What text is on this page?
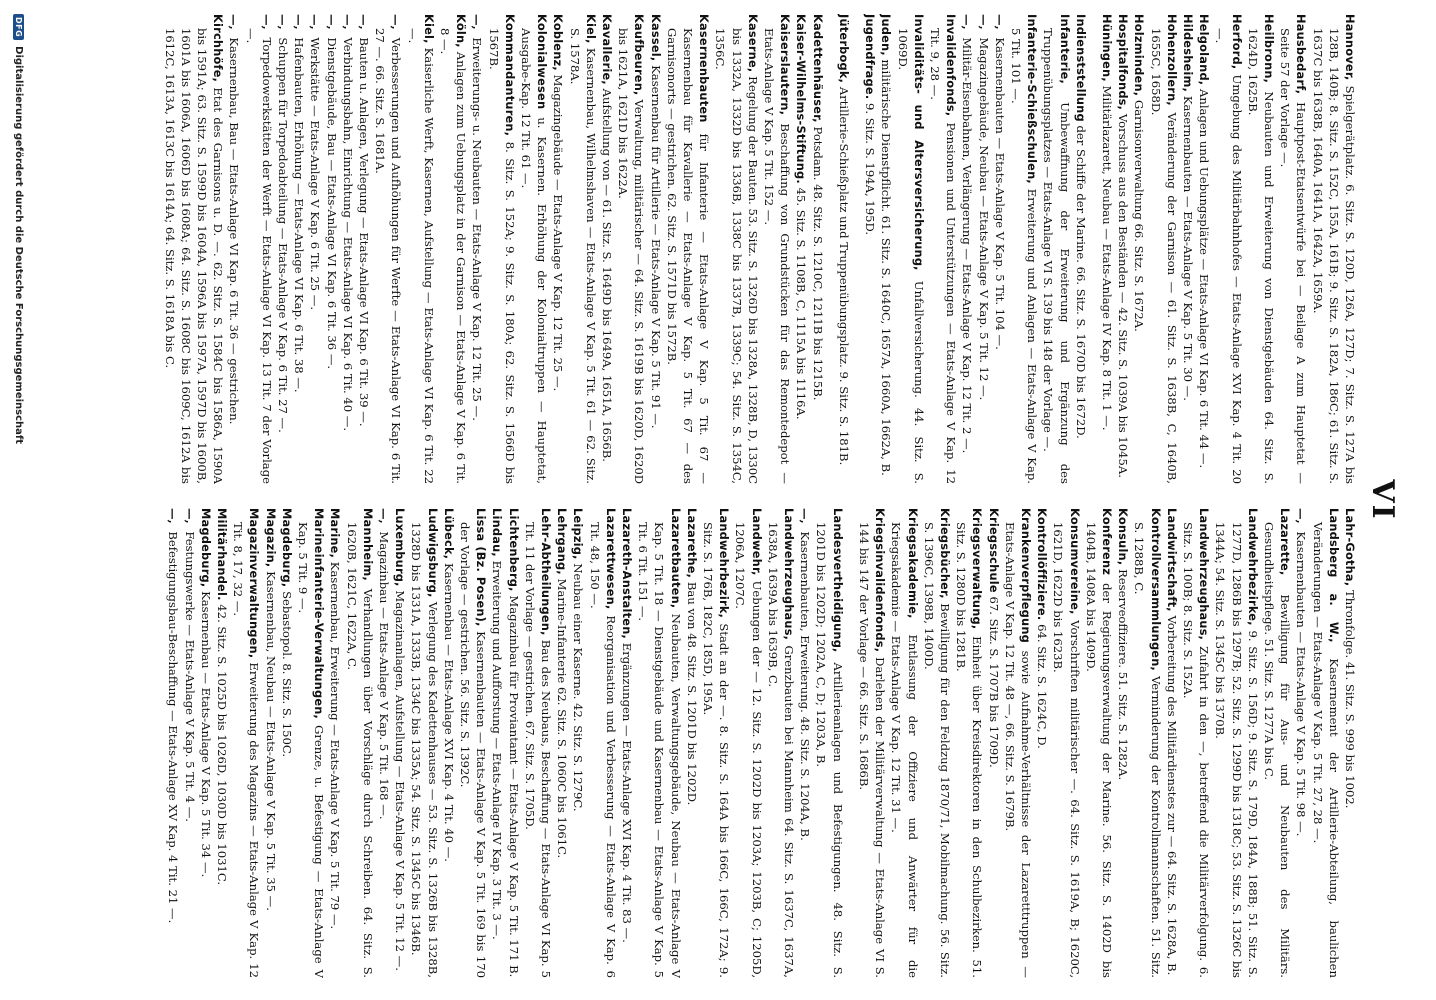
VI
Hannover, Spielgerätplatz. 6. Sitz. S. 120D, 126A, 127D; 7. Sitz. S. 127A bis 128B, 140B; 8. Sitz. S. 152C, 155A, 161B; 9. Sitz. S. 182A, 186C; 61. Sitz. S. 1637C bis 1638B, 1640A, 1641A, 1642A, 1659A.
Hausbedarf, Hauptpost-Etatsentwürfe bei — Beilage A zum Hauptetat — Seite 57 der Vorlage —.
Heilbronn, Neubauten und Erweiterung von Dienstgebäuden 64. Sitz. S. 1624D, 1625B.
Herford, Umgebung des Militärbahnhofes — Etats-Anlage XVI Kap. 4 Tit. 20 —.
Helgoland, Anlagen und Uebungsplätze — Etats-Anlage VI Kap. 6 Tit. 44 —.
Hildesheim, Kasernenbauten — Etats-Anlage V Kap. 5 Tit. 30 —.
Hohenzollern, Veränderung der Garnison — 61. Sitz. S. 1638B, C, 1640B, 1655C, 1658D.
Holzminden, Garnisonverwaltung 66. Sitz. S. 1672A.
Hospitalfonds, Vorschuss aus den Beständen — 42. Sitz. S. 1039A bis 1045A.
Hüningen, Militärlazarett, Neubau — Etats-Anlage IV Kap. 8 Tit. 1 —.
Indienststellung der Schiffe der Marine. 66. Sitz. S. 1670D bis 1672D.
Infanterie, Umbewaffnung der Erweiterung und Ergänzung des Truppenübungsplatzes — Etats-Anlage VI S. 139 bis 148 der Vorlage —.
Infanterie-Schießschulen, Erweiterung und Anlagen — Etats-Anlage V Kap. 5 Tit. 101 —.
—, Kasernenbauten — Etats-Anlage V Kap. 5 Tit. 104 —.
—, Magazingebäude, Neubau — Etats-Anlage V Kap. 5 Tit. 12 —.
—, Militär-Eisenbahnen, Verlängerung — Etats-Anlage V Kap. 12 Tit. 2 —.
Invalidenfonds, Pensionen und Unterstützungen — Etats-Anlage V Kap. 12 Tit. 9, 28 —.
Invaliditäts- und Altersversicherung, Unfallversicherung. 44. Sitz. S. 1069D.
Juden, militärische Dienstpflicht. 61. Sitz. S. 1640C, 1657A, 1660A, 1662A, B.
Jugendfrage. 9. Sitz. S. 194A, 195D.
Jüterbogk, Artillerie-Schießplatz und Truppenübungsplatz. 9. Sitz. S. 181B.
Kadettenhäuser, Potsdam. 48. Sitz. S. 1210C, 1211B bis 1215B.
Kaiser-Wilhelms-Stiftung. 45. Sitz. S. 1108B, C, 1115A bis 1116A.
Kaiserslautern, Beschaffung von Grundstücken für das Remontedepot — Etats-Anlage V Kap. 5 Tit. 152 —.
Kaserne, Regelung der Bauten. 53. Sitz. S. 1326D bis 1328A, 1328B, D, 1330C bis 1332A, 1332D bis 1336B, 1338C bis 1337B, 1339C; 54. Sitz. S. 1354C, 1356C.
Kasernenbauten für Infanterie — Etats-Anlage V Kap. 5 Tit. 67 — Kasernenbau für Kavallerie — Etats-Anlage V Kap. 5 Tit. 67 — des Garnisonorts — gestrichen. 62. Sitz. S. 1571D bis 1572B.
Kassel, Kasernenbau für Artillerie — Etats-Anlage V Kap. 5 Tit. 91 —.
Kaufbeuren, Verwaltung, militärischer — 64. Sitz. S. 1619B bis 1620D, 1620D bis 1621A, 1621D bis 1622A.
Kavallerie, Aufstellung von — 61. Sitz. S. 1649D bis 1649A, 1651A, 1656B.
Kiel, Kasernenbau, Wilhelmshaven — Etats-Anlage V Kap. 5 Tit. 61 — 62. Sitz. S. 1578A.
Koblenz, Magazingebäude — Etats-Anlage V Kap. 12 Tit. 25 —.
Kolonialwesen u. Kasernen. Erhöhung der Kolonialtruppen — Hauptetat, Ausgabe-Kap. 12 Tit. 61 —.
Kommandanturen, 8. Sitz. S. 152A; 9. Sitz. S. 180A; 62. Sitz. S. 1566D bis 1567B.
—, Erweiterungs- u. Neubauten — Etats-Anlage V Kap. 12 Tit. 25 —.
Köln, Anlagen zum Uebungsplatz in der Garnison — Etats-Anlage V Kap. 6 Tit. 8 —.
Kiel, Kaiserliche Werft, Kasernen, Aufstellung — Etats-Anlage VI Kap. 6 Tit. 22 —.
—, Verbesserungen und Aufhöhungen für Werfte — Etats-Anlage VI Kap. 6 Tit. 27 —. 66. Sitz. S. 1681A.
—, Bauten u. Anlagen, Verlegung — Etats-Anlage VI Kap. 6 Tit. 39 —.
—, Verbindungsbahn, Einrichtung — Etats-Anlage VI Kap. 6 Tit. 40 —.
—, Dienstgebäude, Bau — Etats-Anlage VI Kap. 6 Tit. 36 —.
—, Werkstätte — Etats-Anlage V Kap. 6 Tit. 25 —.
—, Hafenbauten, Erhöhung — Etats-Anlage VI Kap. 6 Tit. 38 —.
—, Schuppen für Torpedoabteilung — Etats-Anlage V Kap. 6 Tit. 27 —.
—, Torpedowerkstätten der Werft — Etats-Anlage VI Kap. 13 Tit. 7 der Vorlage —.
—, Kasernenbau, Bau — Etats-Anlage VI Kap. 6 Tit. 36 — gestrichen.
Kirchhöfe, Etat des Garnisons u. D. —. 62. Sitz. S. 1584C bis 1586A, 1590A bis 1591A; 63. Sitz. S. 1599D bis 1604A, 1596A bis 1597A, 1597D bis 1600B, 1601A bis 1606A, 1606D bis 1608A; 64. Sitz. S. 1608C bis 1609C, 1612A bis 1612C, 1613A, 1613C bis 1614A; 64. Sitz. S. 1618A bis C.
Lahr-Gotha, Thronfolge. 41. Sitz. S. 999 bis 1002.
Landsberg a. W., Kasernement der Artillerie-Abteilung, baulichen Veränderungen — Etats-Anlage V Kap. 5 Tit. 27, 28 —.
—, Kasernenbauten — Etats-Anlage V Kap. 5 Tit. 98 —.
Lazarette, Bewilligung für Aus- und Neubauten des Militärs. Gesundheitspflege. 51. Sitz. S. 1277A bis C.
Landwehrbezirke, 9. Sitz. S. 156D; 9. Sitz. S. 179D, 184A, 188B; 51. Sitz. S. 1277D, 1286B bis 1297B; 52. Sitz. S. 1299D bis 1318C; 53. Sitz. S. 1326C bis 1344A; 54. Sitz. S. 1345C bis 1370B.
Landwehrzeughaus, Zufahrt in den —, betreffend die Militärverfolgung. 6. Sitz. S. 100B; 8. Sitz. S. 152A.
Landwirtschaft, Vorbereitung des Militärdienstes zur — 64. Sitz. S. 1628A, B.
Kontrollversammlungen, Verminderung der Kontrollmannschaften. 51. Sitz. S. 1288B, C.
Konsuln, Reserveoffiziere. 51. Sitz. S. 1282A.
Konferenz der Regierungsverwaltung der Marine. 56. Sitz. S. 1402D bis 1404B, 1408A bis 1409D.
Konsumvereine, Vorschriften militärischer —. 64. Sitz. S. 1619A, B; 1620C, 1621D, 1622D bis 1623B.
Kontrollöffiziere. 64. Sitz. S. 1624C, D.
Krankenverpflegung sowie Aufnahme-Verhältnisse der Lazaretttruppen — Etats-Anlage V Kap. 12 Tit. 48 —, 66. Sitz. S. 1679B.
Kriegsschule 67. Sitz. S. 1707B bis 1709D.
Kriegsverwaltung, Einheit über Kreisdirektoren in den Schulbezirken. 51. Sitz. S. 1280D bis 1281B.
Kriegsbücher, Bewilligung für den Feldzug 1870/71, Mobilmachung. 56. Sitz. S. 1396C, 1398B, 1400D.
Kriegsakademie, Entlassung der Offiziere und Anwärter für die Kriegsakademie — Etats-Anlage V Kap. 12 Tit. 31 —.
Kriegsinvalidenfonds, Darlehen der Militärverwaltung — Etats-Anlage VI S. 144 bis 147 der Vorlage — 66. Sitz. S. 1686B.
Landesvertheidigung, Artillerieanlagen und Befestigungen. 48. Sitz. S. 1201D bis 1202D; 1202A, C, D; 1203A, B.
—, Kasernenbauten, Erweiterung. 48. Sitz. S. 1204A, B.
Landwehrzeughaus, Grenzbauten bei Mannheim 64. Sitz. S. 1637C, 1637A, 1638A, 1639A bis 1639B, C.
Landwehr, Uebungen der — 12. Sitz. S. 1202D bis 1203A; 1203B, C; 1205D, 1206A, 1207C.
Landwehrbezirk, Stadt an der —. 8. Sitz. S. 164A bis 166C, 166C, 172A; 9. Sitz. S. 176B, 182C, 185D, 195A.
Lazarethe, Bau von 48. Sitz. S. 1201D bis 1202D.
Lazaretbauten, Neubauten, Verwaltungsgebäude, Neubau — Etats-Anlage V Kap. 5 Tit. 18 — Dienstgebäude und Kasernenbau — Etats-Anlage V Kap. 5 Tit. 6 Tit. 151 —.
Lazareth-Anstalten, Ergänzungen — Etats-Anlage XVI Kap. 4 Tit. 83 —.
Lazarettwesen, Reorganisation und Verbesserung — Etats-Anlage V Kap. 6 Tit. 48, 150 —.
Leipzig, Neubau einer Kaserne. 42. Sitz. S. 1279C.
Lehrgang, Marine-Infanterie 62. Sitz. S. 1060C bis 1061C.
Lehr-Abtheilungen, Bau des Neubaus, Beschaffung — Etats-Anlage VI Kap. 5 Tit. 11 der Vorlage — gestrichen. 67. Sitz. S. 1705D.
Lichtenberg, Magazinbau für Proviantamt — Etats-Anlage V Kap. 5 Tit. 171 B.
Lindau, Erweiterung und Aufforstung — Etats-Anlage IV Kap. 3 Tit. 3 —.
Lissa (Bz. Posen), Kasernenbauten — Etats-Anlage V Kap. 5 Tit. 169 bis 170 der Vorlage — gestrichen. 56. Sitz. S. 1392C.
Lübeck, Kasernenbau — Etats-Anlage XVI Kap. 4 Tit. 40 —.
Ludwigsburg, Verlegung des Kadettenhauses — 53. Sitz. S. 1326B bis 1328B, 1328D bis 1331A, 1333B, 1334C bis 1335A; 54. Sitz. S. 1345C bis 1346B.
Luxemburg, Magazinanlagen, Aufstellung — Etats-Anlage V Kap. 5 Tit. 12 —.
—, Magazinbau — Etats-Anlage V Kap. 5 Tit. 168 —.
Mannheim, Verhandlungen über Vorschläge durch Schreiben. 64. Sitz. S. 1620B, 1621C, 1622A, C.
Marine, Kasernenbau, Erweiterung — Etats-Anlage V Kap. 5 Tit. 79 —.
Marineinfanterie-Verwaltungen, Grenze, u. Befestigung — Etats-Anlage V Kap. 5 Tit. 9 —.
Magdeburg, Sebastopol. 8. Sitz. S. 150C.
Magazin, Kasernenbau, Neubau — Etats-Anlage V Kap. 5 Tit. 35 —.
Magazinverwaltungen, Erweiterung des Magazins — Etats-Anlage V Kap. 12 Tit. 8, 17, 32 —.
Militärhandel. 42. Sitz. S. 1025D bis 1026D, 1030D bis 1031C.
Magdeburg, Kasernenbau — Etats-Anlage V Kap. 5 Tit. 34 —.
—, Festungswerke — Etats-Anlage V Kap. 5 Tit. 4 —.
—, Befestigungsbau-Beschaffung — Etats-Anlage XV Kap. 4 Tit. 21 —.
DFG
Digitalisierung gefördert durch die Deutsche Forschungsgemeinschaft
